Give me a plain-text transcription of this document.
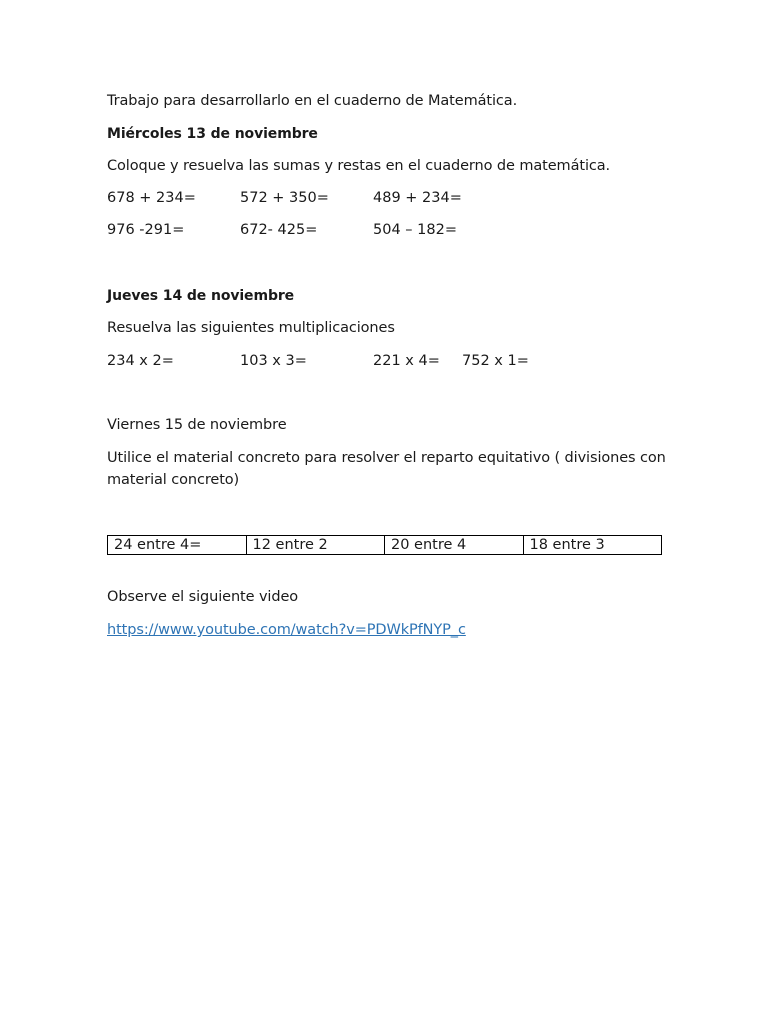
Trabajo para desarrollarlo en el cuaderno de Matemática.
Miércoles 13 de noviembre
Coloque y resuelva las sumas y restas en el cuaderno de matemática.
678 + 234=	572 + 350=	489 + 234=
976 -291=	672- 425=	504 – 182=
Jueves 14 de noviembre
Resuelva las siguientes multiplicaciones
234 x 2=	103 x 3=	221 x 4= 752 x 1=
Viernes 15 de noviembre
Utilice el material concreto para resolver el reparto equitativo ( divisiones con material concreto)
24 entre 4=	12 entre 2	20 entre 4	18 entre 3
Observe el siguiente video
https://www.youtube.com/watch?v=PDWkPfNYP_c
